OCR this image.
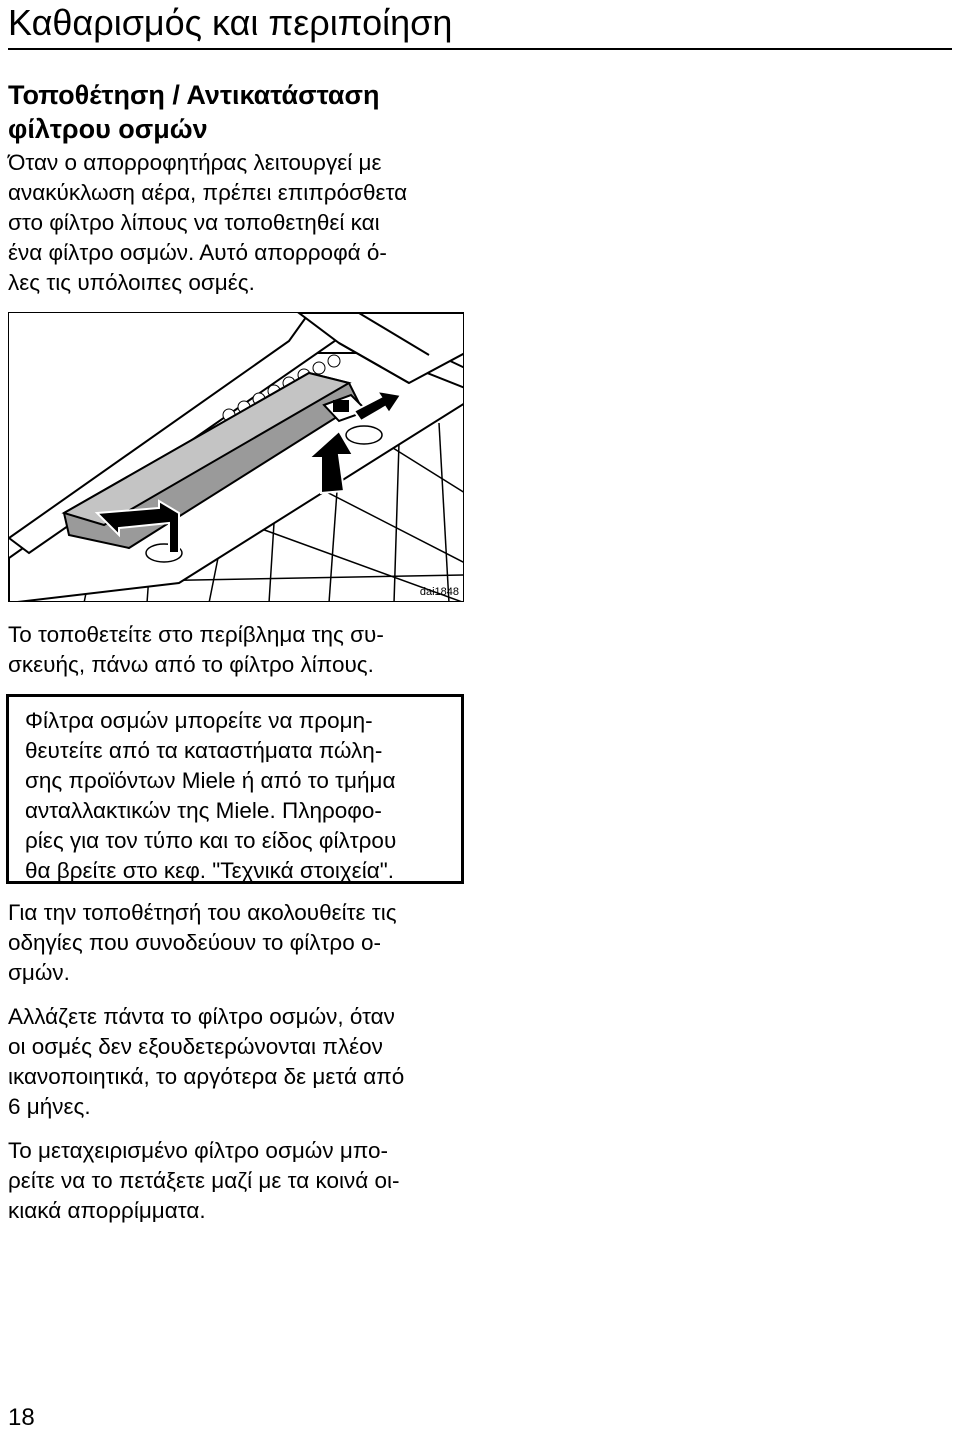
Καθαρισμός και περιποίηση
Τοποθέτηση / Αντικατάσταση φίλτρου οσμών

Όταν ο απορροφητήρας λειτουργεί με
ανακύκλωση αέρα, πρέπει επιπρόσθετα
στο φίλτρο λίπους να τοποθετηθεί και
ένα φίλτρο οσμών. Αυτό απορροφά ό-
λες τις υπόλοιπες οσμές.

dai1848

Το τοποθετείτε στο περίβλημα της συ-
σκευής, πάνω από το φίλτρο λίπους.

Φίλτρα οσμών μπορείτε να προμη-
θευτείτε από τα καταστήματα πώλη-
σης προϊόντων Miele ή από το τμήμα
ανταλλακτικών της Miele. Πληροφο-
ρίες για τον τύπο και το είδος φίλτρου
θα βρείτε στο κεφ. "Τεχνικά στοιχεία".

Για την τοποθέτησή του ακολουθείτε τις
οδηγίες που συνοδεύουν το φίλτρο ο-
σμών.

Αλλάζετε πάντα το φίλτρο οσμών, όταν
οι οσμές δεν εξουδετερώνονται πλέον
ικανοποιητικά, το αργότερα δε μετά από
6 μήνες.

Το μεταχειρισμένο φίλτρο οσμών μπο-
ρείτε να το πετάξετε μαζί με τα κοινά οι-
κιακά απορρίμματα.

18
